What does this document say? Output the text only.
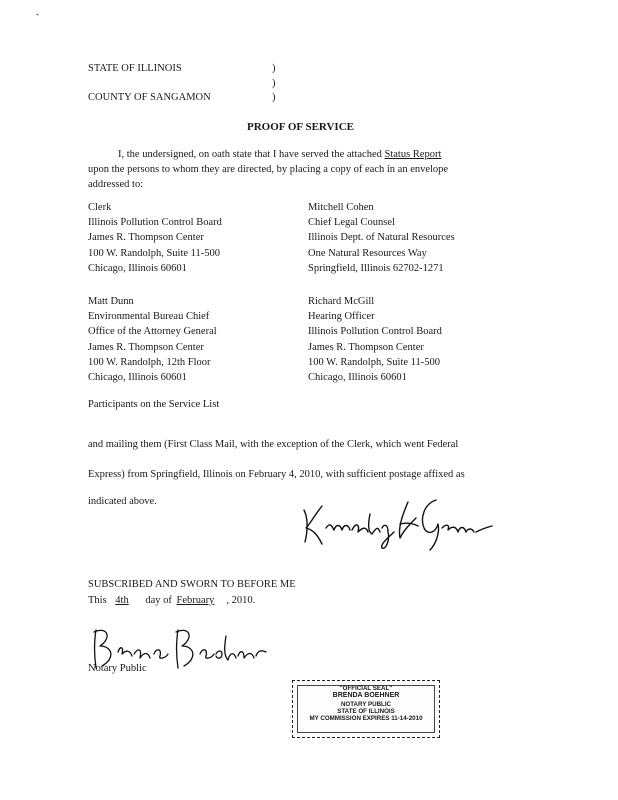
-
STATE OF ILLINOIS	)
)
COUNTY OF SANGAMON	)
PROOF OF SERVICE
I, the undersigned, on oath state that I have served the attached Status Report
upon the persons to whom they are directed, by placing a copy of each in an envelope
addressed to:
Clerk
Illinois Pollution Control Board
James R. Thompson Center
100 W. Randolph, Suite 11-500
Chicago, Illinois 60601
Mitchell Cohen
Chief Legal Counsel
Illinois Dept. of Natural Resources
One Natural Resources Way
Springfield, Illinois 62702-1271
Matt Dunn
Environmental Bureau Chief
Office of the Attorney General
James R. Thompson Center
100 W. Randolph, 12th Floor
Chicago, Illinois 60601
Richard McGill
Hearing Officer
Illinois Pollution Control Board
James R. Thompson Center
100 W. Randolph, Suite 11-500
Chicago, Illinois 60601
Participants on the Service List
and mailing them (First Class Mail, with the exception of the Clerk, which went Federal
Express) from Springfield, Illinois on February 4, 2010, with sufficient postage affixed as
indicated above.
SUBSCRIBED AND SWORN TO BEFORE ME
This 4th day of February , 2010.
Notary Public
"OFFICIAL SEAL"
BRENDA BOEHNER
NOTARY PUBLIC
STATE OF ILLINOIS
MY COMMISSION EXPIRES 11-14-2010
